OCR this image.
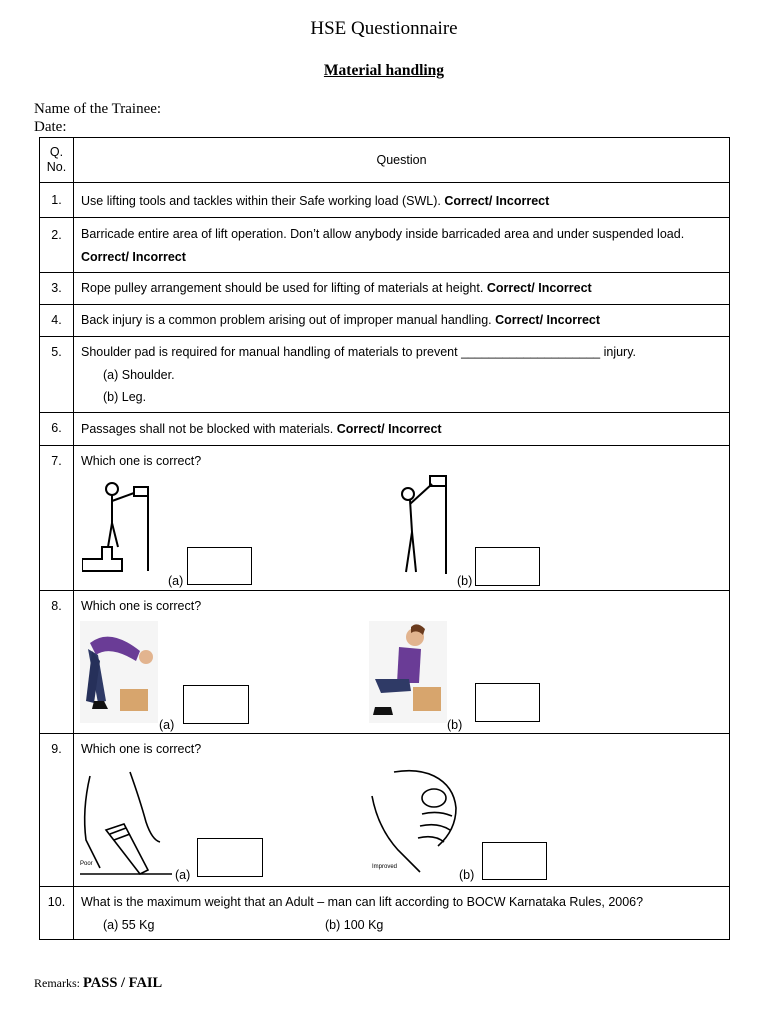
HSE Questionnaire
Material handling
Name of the Trainee:
Date:
Q. No.	Question

1.	Use lifting tools and tackles within their Safe working load (SWL). Correct/ Incorrect

2.	Barricade entire area of lift operation. Don’t allow anybody inside barricaded area and under suspended load.
Correct/ Incorrect

3.	Rope pulley arrangement should be used for lifting of materials at height. Correct/ Incorrect

4.	Back injury is a common problem arising out of improper manual handling. Correct/ Incorrect

5.	Shoulder pad is required for manual handling of materials to prevent ____________________ injury.
(a) Shoulder.
(b) Leg.

6.	Passages shall not be blocked with materials. Correct/ Incorrect

7.	Which one is correct?
(a) (b)

8.	Which one is correct?
(a) (b)

9.	Which one is correct?
Poor
(a)
Improved
(b)

10.	What is the maximum weight that an Adult – man can lift according to BOCW Karnataka Rules, 2006?
(a) 55 Kg (b) 100 Kg
Remarks: PASS / FAIL
